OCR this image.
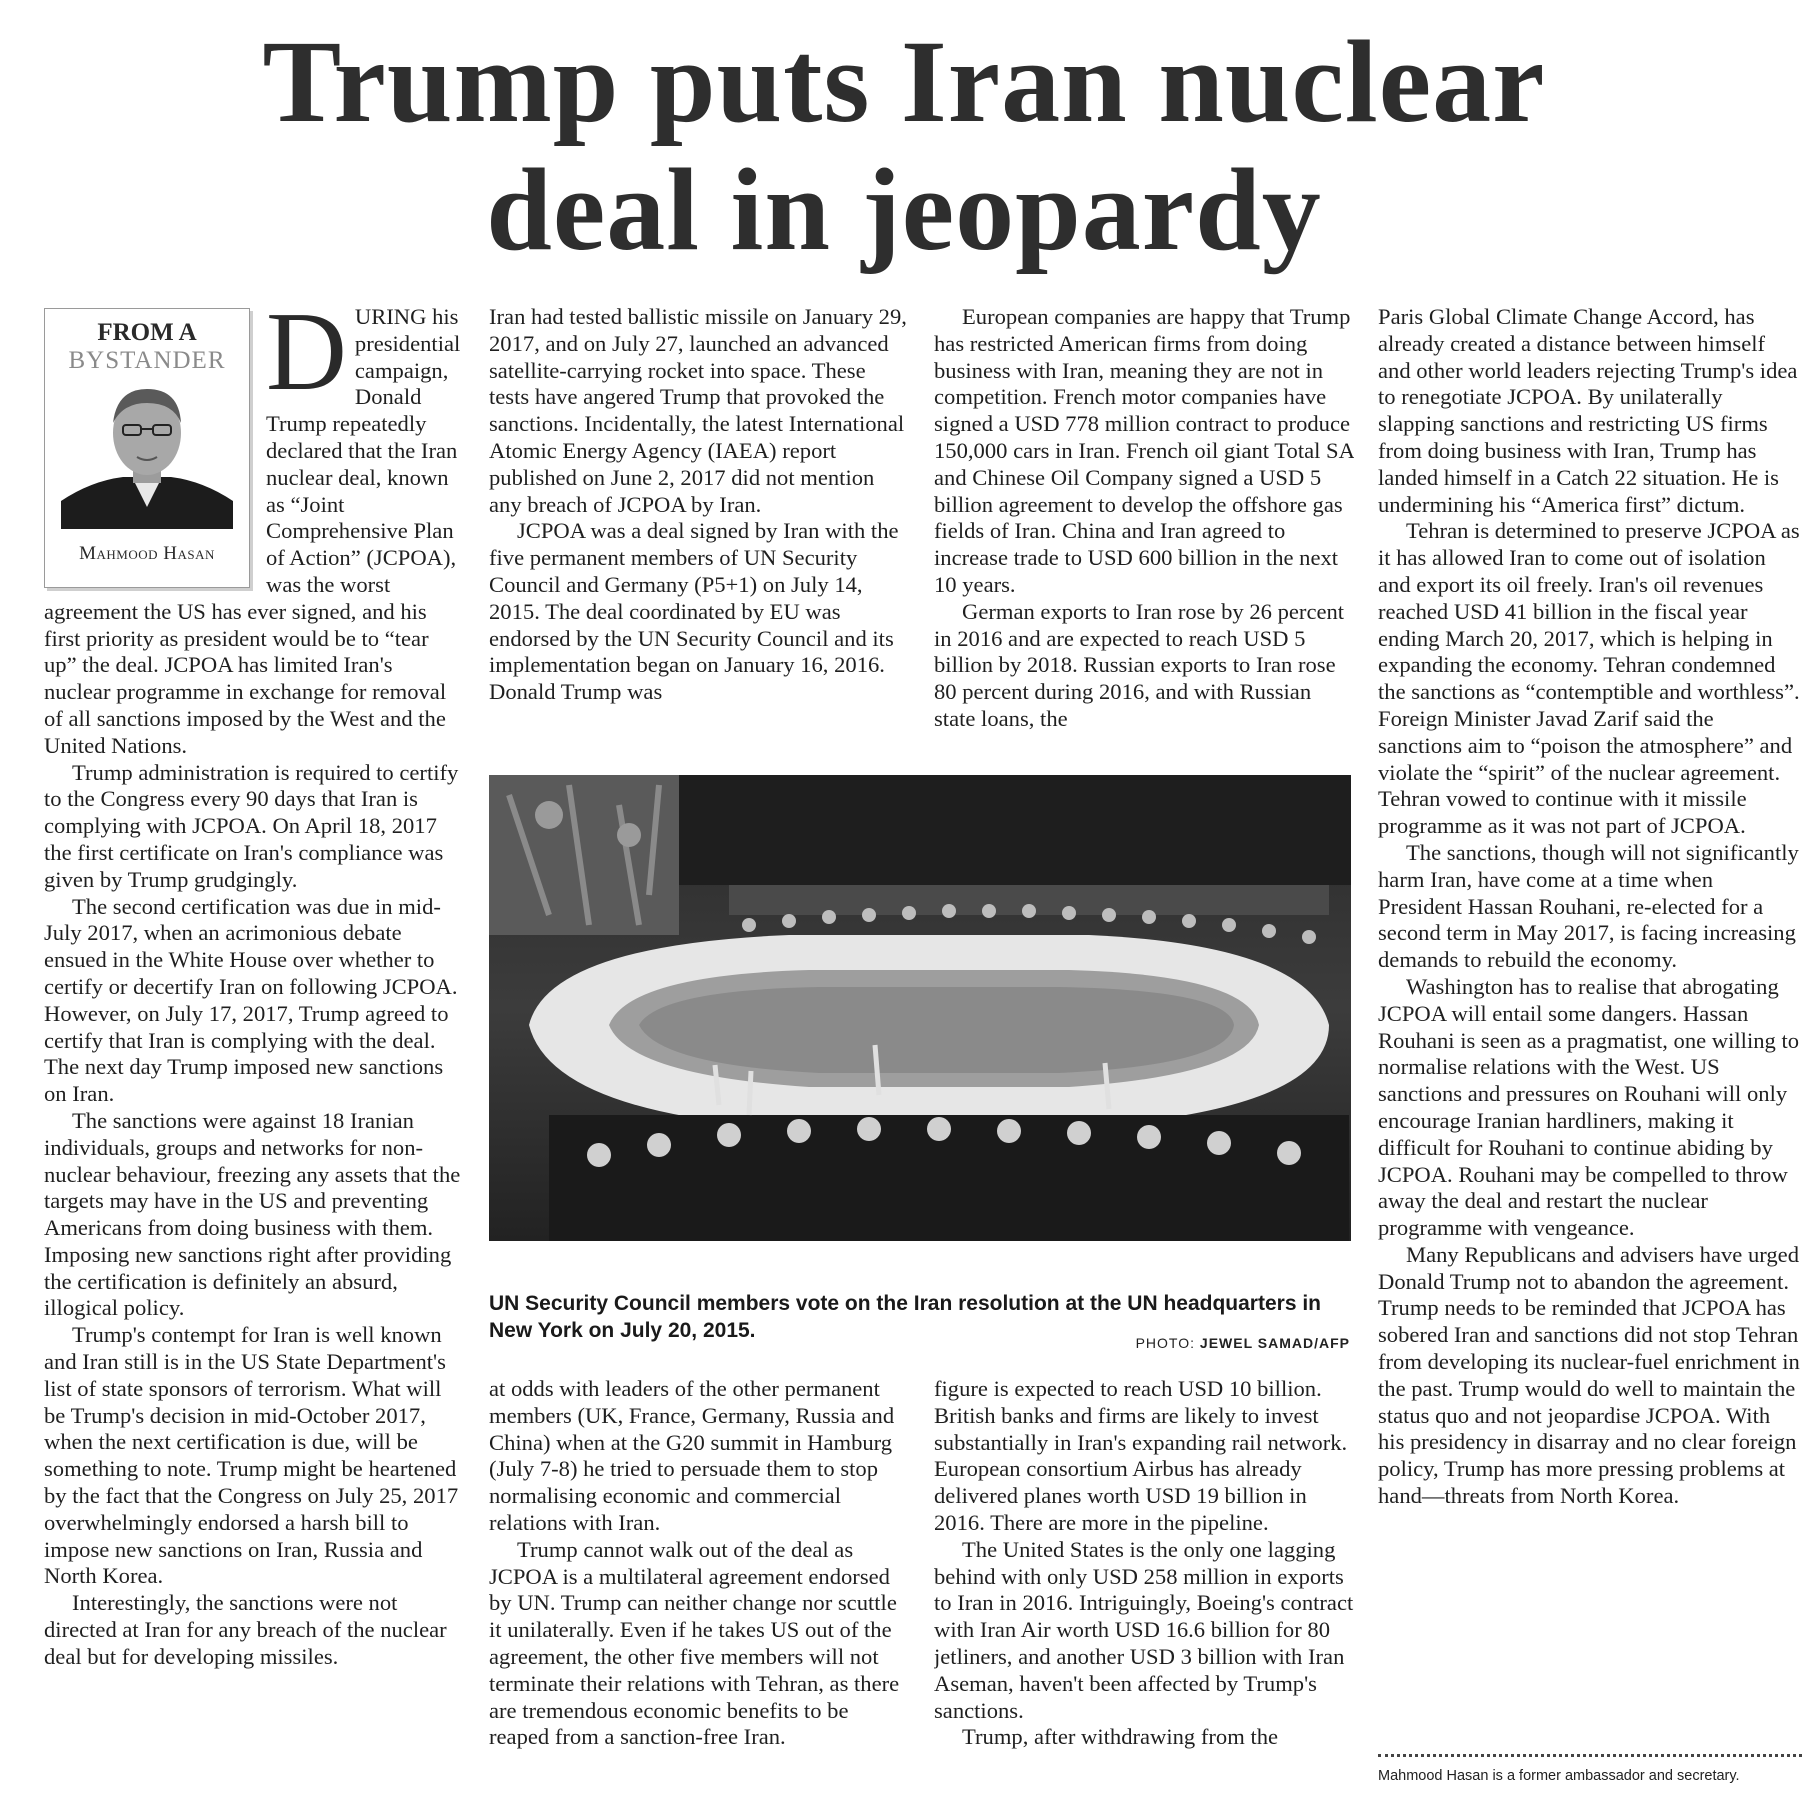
Trump puts Iran nuclear
deal in jeopardy
FROM A
BYSTANDER
Mahmood Hasan
D URING his presidential campaign, Donald Trump repeatedly declared that the Iran nuclear deal, known as “Joint Comprehensive Plan of Action” (JCPOA), was the worst agreement the US has ever signed, and his first priority as president would be to “tear up” the deal. JCPOA has limited Iran's nuclear programme in exchange for removal of all sanctions imposed by the West and the United Nations.

Trump administration is required to certify to the Congress every 90 days that Iran is complying with JCPOA. On April 18, 2017 the first certificate on Iran's compliance was given by Trump grudgingly.

The second certification was due in mid-July 2017, when an acrimonious debate ensued in the White House over whether to certify or decertify Iran on following JCPOA. However, on July 17, 2017, Trump agreed to certify that Iran is complying with the deal. The next day Trump imposed new sanctions on Iran.

The sanctions were against 18 Iranian individuals, groups and networks for non-nuclear behaviour, freezing any assets that the targets may have in the US and preventing Americans from doing business with them. Imposing new sanctions right after providing the certification is definitely an absurd, illogical policy.

Trump's contempt for Iran is well known and Iran still is in the US State Department's list of state sponsors of terrorism. What will be Trump's decision in mid-October 2017, when the next certification is due, will be something to note. Trump might be heartened by the fact that the Congress on July 25, 2017 overwhelmingly endorsed a harsh bill to impose new sanctions on Iran, Russia and North Korea.

Interestingly, the sanctions were not directed at Iran for any breach of the nuclear deal but for developing missiles.

Iran had tested ballistic missile on January 29, 2017, and on July 27, launched an advanced satellite-carrying rocket into space. These tests have angered Trump that provoked the sanctions. Incidentally, the latest International Atomic Energy Agency (IAEA) report published on June 2, 2017 did not mention any breach of JCPOA by Iran.

JCPOA was a deal signed by Iran with the five permanent members of UN Security Council and Germany (P5+1) on July 14, 2015. The deal coordinated by EU was endorsed by the UN Security Council and its implementation began on January 16, 2016. Donald Trump was

European companies are happy that Trump has restricted American firms from doing business with Iran, meaning they are not in competition. French motor companies have signed a USD 778 million contract to produce 150,000 cars in Iran. French oil giant Total SA and Chinese Oil Company signed a USD 5 billion agreement to develop the offshore gas fields of Iran. China and Iran agreed to increase trade to USD 600 billion in the next 10 years.

German exports to Iran rose by 26 percent in 2016 and are expected to reach USD 5 billion by 2018. Russian exports to Iran rose 80 percent during 2016, and with Russian state loans, the

UN Security Council members vote on the Iran resolution at the UN headquarters in New York on July 20, 2015.
PHOTO: JEWEL SAMAD/AFP

at odds with leaders of the other permanent members (UK, France, Germany, Russia and China) when at the G20 summit in Hamburg (July 7-8) he tried to persuade them to stop normalising economic and commercial relations with Iran.

Trump cannot walk out of the deal as JCPOA is a multilateral agreement endorsed by UN. Trump can neither change nor scuttle it unilaterally. Even if he takes US out of the agreement, the other five members will not terminate their relations with Tehran, as there are tremendous economic benefits to be reaped from a sanction-free Iran.

figure is expected to reach USD 10 billion. British banks and firms are likely to invest substantially in Iran's expanding rail network. European consortium Airbus has already delivered planes worth USD 19 billion in 2016. There are more in the pipeline.

The United States is the only one lagging behind with only USD 258 million in exports to Iran in 2016. Intriguingly, Boeing's contract with Iran Air worth USD 16.6 billion for 80 jetliners, and another USD 3 billion with Iran Aseman, haven't been affected by Trump's sanctions.

Trump, after withdrawing from the

Paris Global Climate Change Accord, has already created a distance between himself and other world leaders rejecting Trump's idea to renegotiate JCPOA. By unilaterally slapping sanctions and restricting US firms from doing business with Iran, Trump has landed himself in a Catch 22 situation. He is undermining his “America first” dictum.

Tehran is determined to preserve JCPOA as it has allowed Iran to come out of isolation and export its oil freely. Iran's oil revenues reached USD 41 billion in the fiscal year ending March 20, 2017, which is helping in expanding the economy. Tehran condemned the sanctions as “contemptible and worthless”. Foreign Minister Javad Zarif said the sanctions aim to “poison the atmosphere” and violate the “spirit” of the nuclear agreement. Tehran vowed to continue with it missile programme as it was not part of JCPOA.

The sanctions, though will not significantly harm Iran, have come at a time when President Hassan Rouhani, re-elected for a second term in May 2017, is facing increasing demands to rebuild the economy.

Washington has to realise that abrogating JCPOA will entail some dangers. Hassan Rouhani is seen as a pragmatist, one willing to normalise relations with the West. US sanctions and pressures on Rouhani will only encourage Iranian hardliners, making it difficult for Rouhani to continue abiding by JCPOA. Rouhani may be compelled to throw away the deal and restart the nuclear programme with vengeance.

Many Republicans and advisers have urged Donald Trump not to abandon the agreement. Trump needs to be reminded that JCPOA has sobered Iran and sanctions did not stop Tehran from developing its nuclear-fuel enrichment in the past. Trump would do well to maintain the status quo and not jeopardise JCPOA. With his presidency in disarray and no clear foreign policy, Trump has more pressing problems at hand—threats from North Korea.

Mahmood Hasan is a former ambassador and secretary.
